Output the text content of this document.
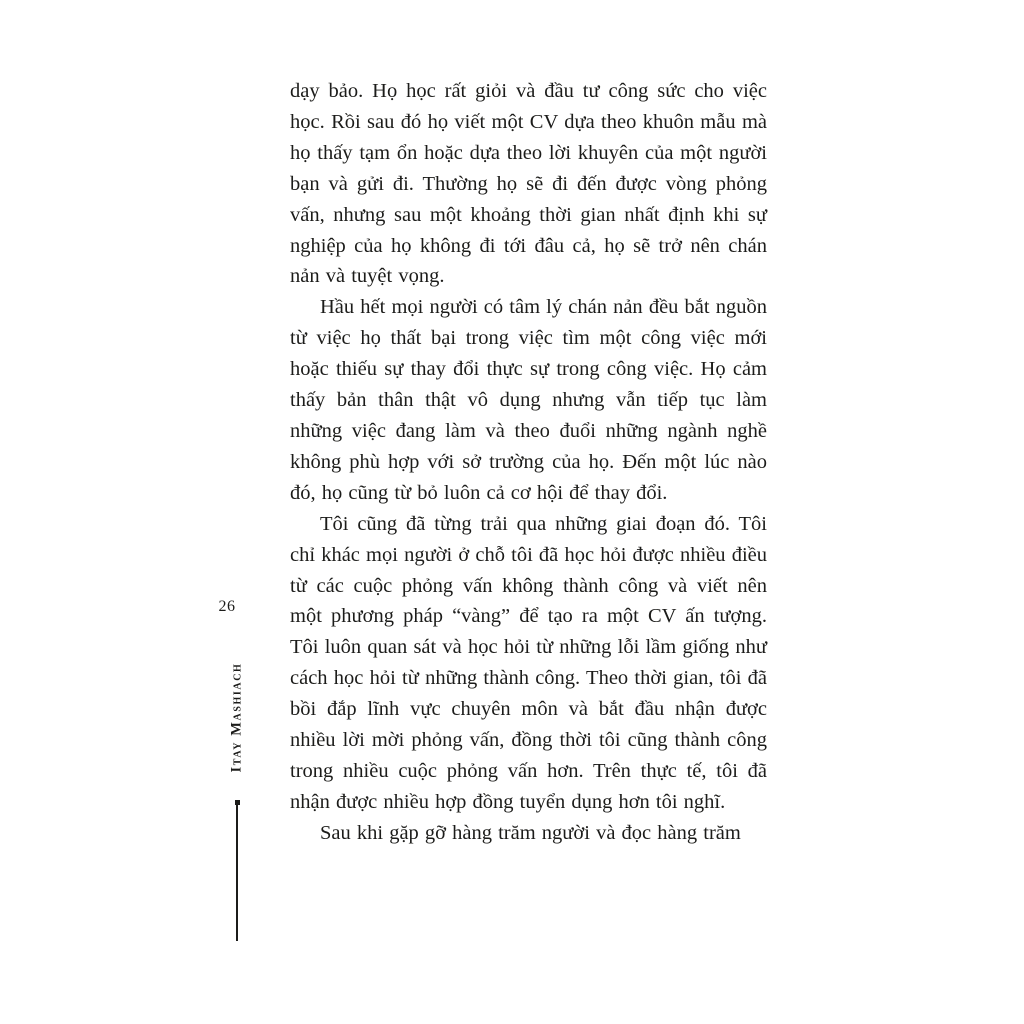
26
Itay Mashiach

dạy bảo. Họ học rất giỏi và đầu tư công sức cho việc học. Rồi sau đó họ viết một CV dựa theo khuôn mẫu mà họ thấy tạm ổn hoặc dựa theo lời khuyên của một người bạn và gửi đi. Thường họ sẽ đi đến được vòng phỏng vấn, nhưng sau một khoảng thời gian nhất định khi sự nghiệp của họ không đi tới đâu cả, họ sẽ trở nên chán nản và tuyệt vọng.

Hầu hết mọi người có tâm lý chán nản đều bắt nguồn từ việc họ thất bại trong việc tìm một công việc mới hoặc thiếu sự thay đổi thực sự trong công việc. Họ cảm thấy bản thân thật vô dụng nhưng vẫn tiếp tục làm những việc đang làm và theo đuổi những ngành nghề không phù hợp với sở trường của họ. Đến một lúc nào đó, họ cũng từ bỏ luôn cả cơ hội để thay đổi.

Tôi cũng đã từng trải qua những giai đoạn đó. Tôi chỉ khác mọi người ở chỗ tôi đã học hỏi được nhiều điều từ các cuộc phỏng vấn không thành công và viết nên một phương pháp “vàng” để tạo ra một CV ấn tượng. Tôi luôn quan sát và học hỏi từ những lỗi lầm giống như cách học hỏi từ những thành công. Theo thời gian, tôi đã bồi đắp lĩnh vực chuyên môn và bắt đầu nhận được nhiều lời mời phỏng vấn, đồng thời tôi cũng thành công trong nhiều cuộc phỏng vấn hơn. Trên thực tế, tôi đã nhận được nhiều hợp đồng tuyển dụng hơn tôi nghĩ.

Sau khi gặp gỡ hàng trăm người và đọc hàng trăm
